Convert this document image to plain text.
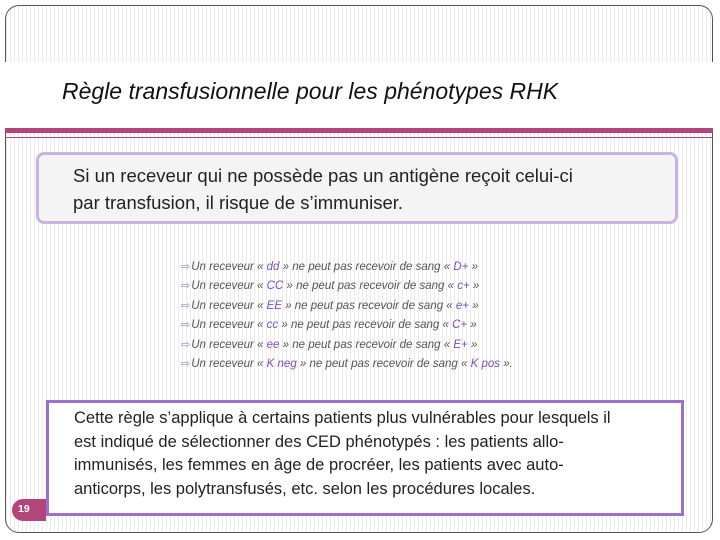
Règle transfusionnelle pour les phénotypes RHK
Si un receveur qui ne possède pas un antigène reçoit celui-ci
par transfusion, il risque de s’immuniser.
⇨Un receveur « dd » ne peut pas recevoir de sang « D+ »
⇨Un receveur « CC » ne peut pas recevoir de sang « c+ »
⇨Un receveur « EE » ne peut pas recevoir de sang « e+ »
⇨Un receveur « cc » ne peut pas recevoir de sang « C+ »
⇨Un receveur « ee » ne peut pas recevoir de sang « E+ »
⇨Un receveur « K neg » ne peut pas recevoir de sang « K pos ».
Cette règle s’applique à certains patients plus vulnérables pour lesquels il
est indiqué de sélectionner des CED phénotypés : les patients allo-
immunisés, les femmes en âge de procréer, les patients avec auto-
anticorps, les polytransfusés, etc. selon les procédures locales.
19
